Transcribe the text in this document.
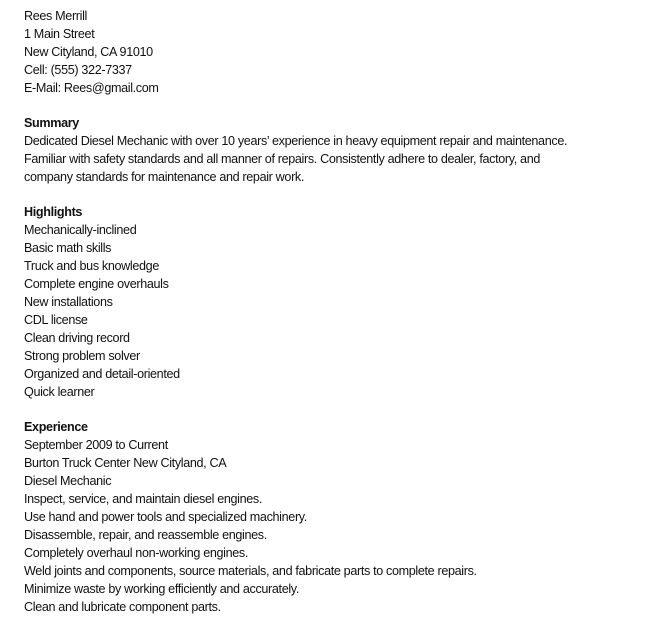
Rees Merrill
1 Main Street
New Cityland, CA 91010
Cell: (555) 322-7337
E-Mail: Rees@gmail.com
Summary
Dedicated Diesel Mechanic with over 10 years’ experience in heavy equipment repair and maintenance.
Familiar with safety standards and all manner of repairs. Consistently adhere to dealer, factory, and
company standards for maintenance and repair work.
Highlights
Mechanically-inclined
Basic math skills
Truck and bus knowledge
Complete engine overhauls
New installations
CDL license
Clean driving record
Strong problem solver
Organized and detail-oriented
Quick learner
Experience
September 2009 to Current
Burton Truck Center New Cityland, CA
Diesel Mechanic
Inspect, service, and maintain diesel engines.
Use hand and power tools and specialized machinery.
Disassemble, repair, and reassemble engines.
Completely overhaul non-working engines.
Weld joints and components, source materials, and fabricate parts to complete repairs.
Minimize waste by working efficiently and accurately.
Clean and lubricate component parts.
